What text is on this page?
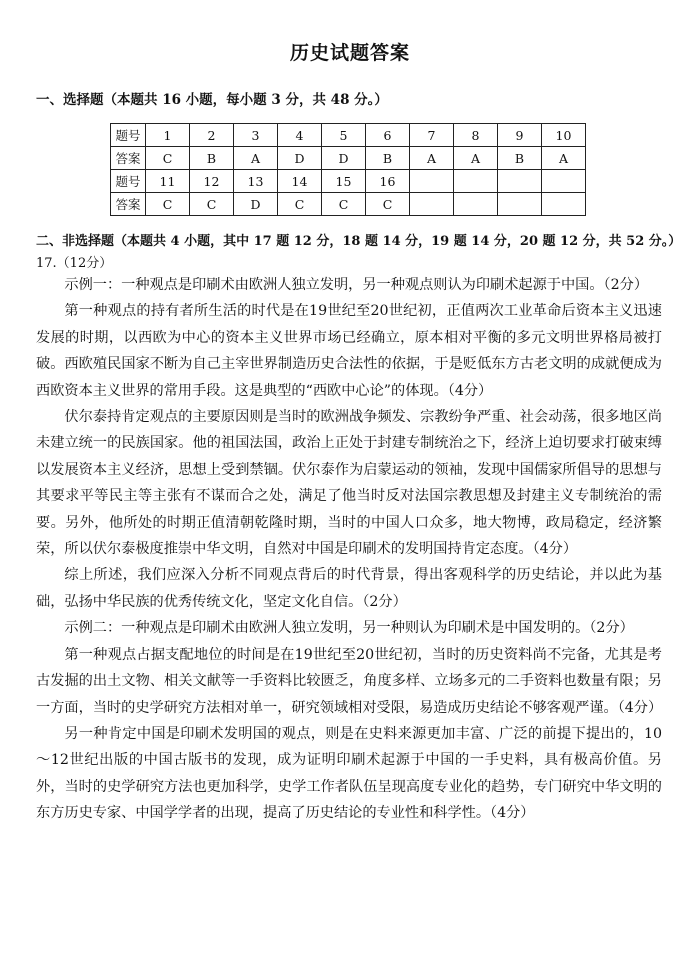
历史试题答案
一、选择题（本题共 16 小题，每小题 3 分，共 48 分。）
题号	1	2	3	4	5	6	7	8	9	10
答案	C	B	A	D	D	B	A	A	B	A
题号	11	12	13	14	15	16				
答案	C	C	D	C	C	C				
二、非选择题（本题共 4 小题，其中 17 题 12 分，18 题 14 分，19 题 14 分，20 题 12 分，共 52 分。）
17.（12分）

示例一：一种观点是印刷术由欧洲人独立发明，另一种观点则认为印刷术起源于中国。（2分）

第一种观点的持有者所生活的时代是在19世纪至20世纪初，正值两次工业革命后资本主义迅速发展的时期，以西欧为中心的资本主义世界市场已经确立，原本相对平衡的多元文明世界格局被打破。西欧殖民国家不断为自己主宰世界制造历史合法性的依据，于是贬低东方古老文明的成就便成为西欧资本主义世界的常用手段。这是典型的“西欧中心论”的体现。（4分）

伏尔泰持肯定观点的主要原因则是当时的欧洲战争频发、宗教纷争严重、社会动荡，很多地区尚未建立统一的民族国家。他的祖国法国，政治上正处于封建专制统治之下，经济上迫切要求打破束缚以发展资本主义经济，思想上受到禁锢。伏尔泰作为启蒙运动的领袖，发现中国儒家所倡导的思想与其要求平等民主等主张有不谋而合之处，满足了他当时反对法国宗教思想及封建主义专制统治的需要。另外，他所处的时期正值清朝乾隆时期，当时的中国人口众多，地大物博，政局稳定，经济繁荣，所以伏尔泰极度推崇中华文明，自然对中国是印刷术的发明国持肯定态度。（4分）

综上所述，我们应深入分析不同观点背后的时代背景，得出客观科学的历史结论，并以此为基础，弘扬中华民族的优秀传统文化，坚定文化自信。（2分）

示例二：一种观点是印刷术由欧洲人独立发明，另一种则认为印刷术是中国发明的。（2分）

第一种观点占据支配地位的时间是在19世纪至20世纪初，当时的历史资料尚不完备，尤其是考古发掘的出土文物、相关文献等一手资料比较匮乏，角度多样、立场多元的二手资料也数量有限；另一方面，当时的史学研究方法相对单一，研究领域相对受限，易造成历史结论不够客观严谨。（4分）

另一种肯定中国是印刷术发明国的观点，则是在史料来源更加丰富、广泛的前提下提出的，10～12世纪出版的中国古版书的发现，成为证明印刷术起源于中国的一手史料，具有极高价值。另外，当时的史学研究方法也更加科学，史学工作者队伍呈现高度专业化的趋势，专门研究中华文明的东方历史专家、中国学学者的出现，提高了历史结论的专业性和科学性。（4分）
